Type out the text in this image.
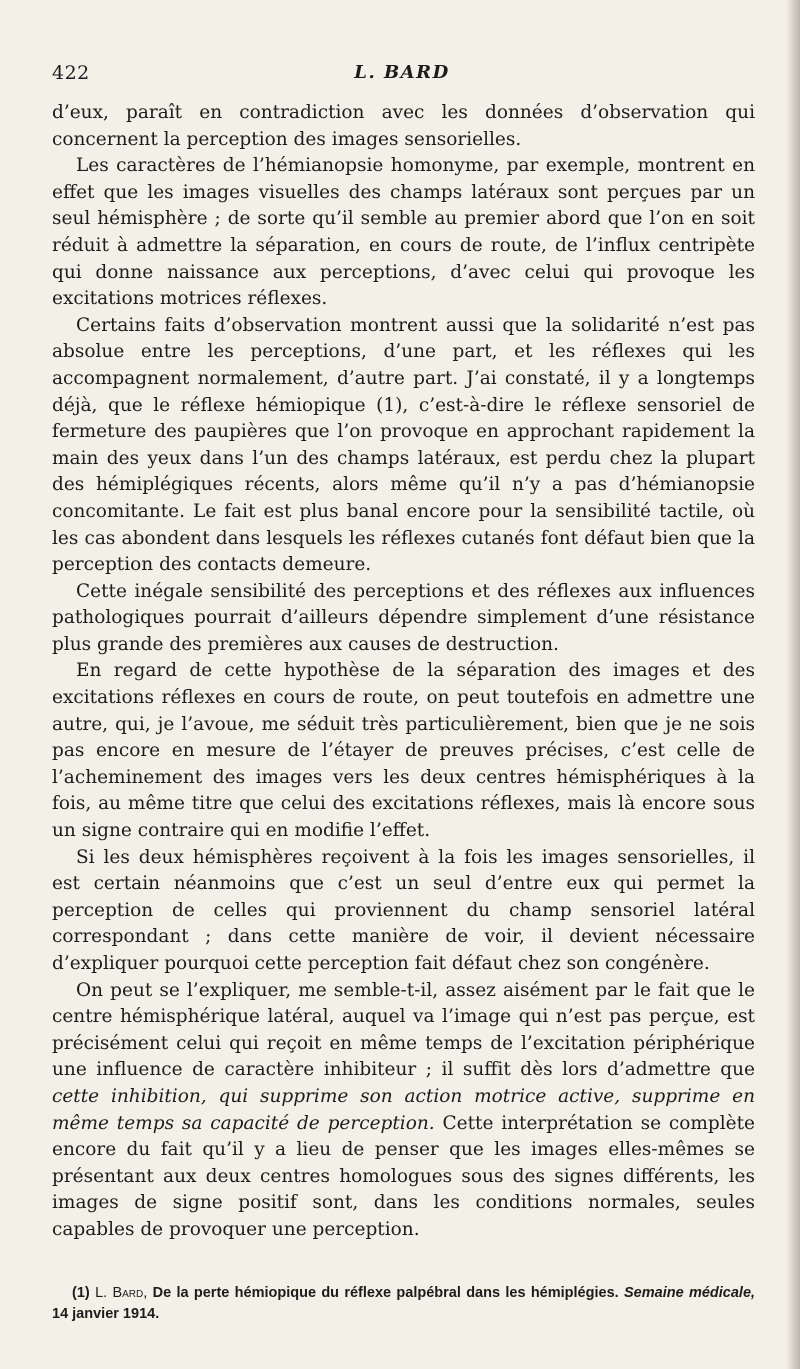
422	L. BARD

d’eux, paraît en contradiction avec les données d’observation qui concernent la perception des images sensorielles.

Les caractères de l’hémianopsie homonyme, par exemple, montrent en effet que les images visuelles des champs latéraux sont perçues par un seul hémisphère ; de sorte qu’il semble au premier abord que l’on en soit réduit à admettre la séparation, en cours de route, de l’influx centripète qui donne naissance aux perceptions, d’avec celui qui provoque les excitations motrices réflexes.

Certains faits d’observation montrent aussi que la solidarité n’est pas absolue entre les perceptions, d’une part, et les réflexes qui les accompagnent normalement, d’autre part. J’ai constaté, il y a longtemps déjà, que le réflexe hémiopique (1), c’est-à-dire le réflexe sensoriel de fermeture des paupières que l’on provoque en approchant rapidement la main des yeux dans l’un des champs latéraux, est perdu chez la plupart des hémiplégiques récents, alors même qu’il n’y a pas d’hémianopsie concomitante. Le fait est plus banal encore pour la sensibilité tactile, où les cas abondent dans lesquels les réflexes cutanés font défaut bien que la perception des contacts demeure.

Cette inégale sensibilité des perceptions et des réflexes aux influences pathologiques pourrait d’ailleurs dépendre simplement d’une résistance plus grande des premières aux causes de destruction.

En regard de cette hypothèse de la séparation des images et des excitations réflexes en cours de route, on peut toutefois en admettre une autre, qui, je l’avoue, me séduit très particulièrement, bien que je ne sois pas encore en mesure de l’étayer de preuves précises, c’est celle de l’acheminement des images vers les deux centres hémisphériques à la fois, au même titre que celui des excitations réflexes, mais là encore sous un signe contraire qui en modifie l’effet.

Si les deux hémisphères reçoivent à la fois les images sensorielles, il est certain néanmoins que c’est un seul d’entre eux qui permet la perception de celles qui proviennent du champ sensoriel latéral correspondant ; dans cette manière de voir, il devient nécessaire d’expliquer pourquoi cette perception fait défaut chez son congénère.

On peut se l’expliquer, me semble-t-il, assez aisément par le fait que le centre hémisphérique latéral, auquel va l’image qui n’est pas perçue, est précisément celui qui reçoit en même temps de l’excitation périphérique une influence de caractère inhibiteur ; il suffit dès lors d’admettre que cette inhibition, qui supprime son action motrice active, supprime en même temps sa capacité de perception. Cette interprétation se complète encore du fait qu’il y a lieu de penser que les images elles-mêmes se présentant aux deux centres homologues sous des signes différents, les images de signe positif sont, dans les conditions normales, seules capables de provoquer une perception.

(1) L. Bard, De la perte hémiopique du réflexe palpébral dans les hémiplégies. Semaine médicale, 14 janvier 1914.
